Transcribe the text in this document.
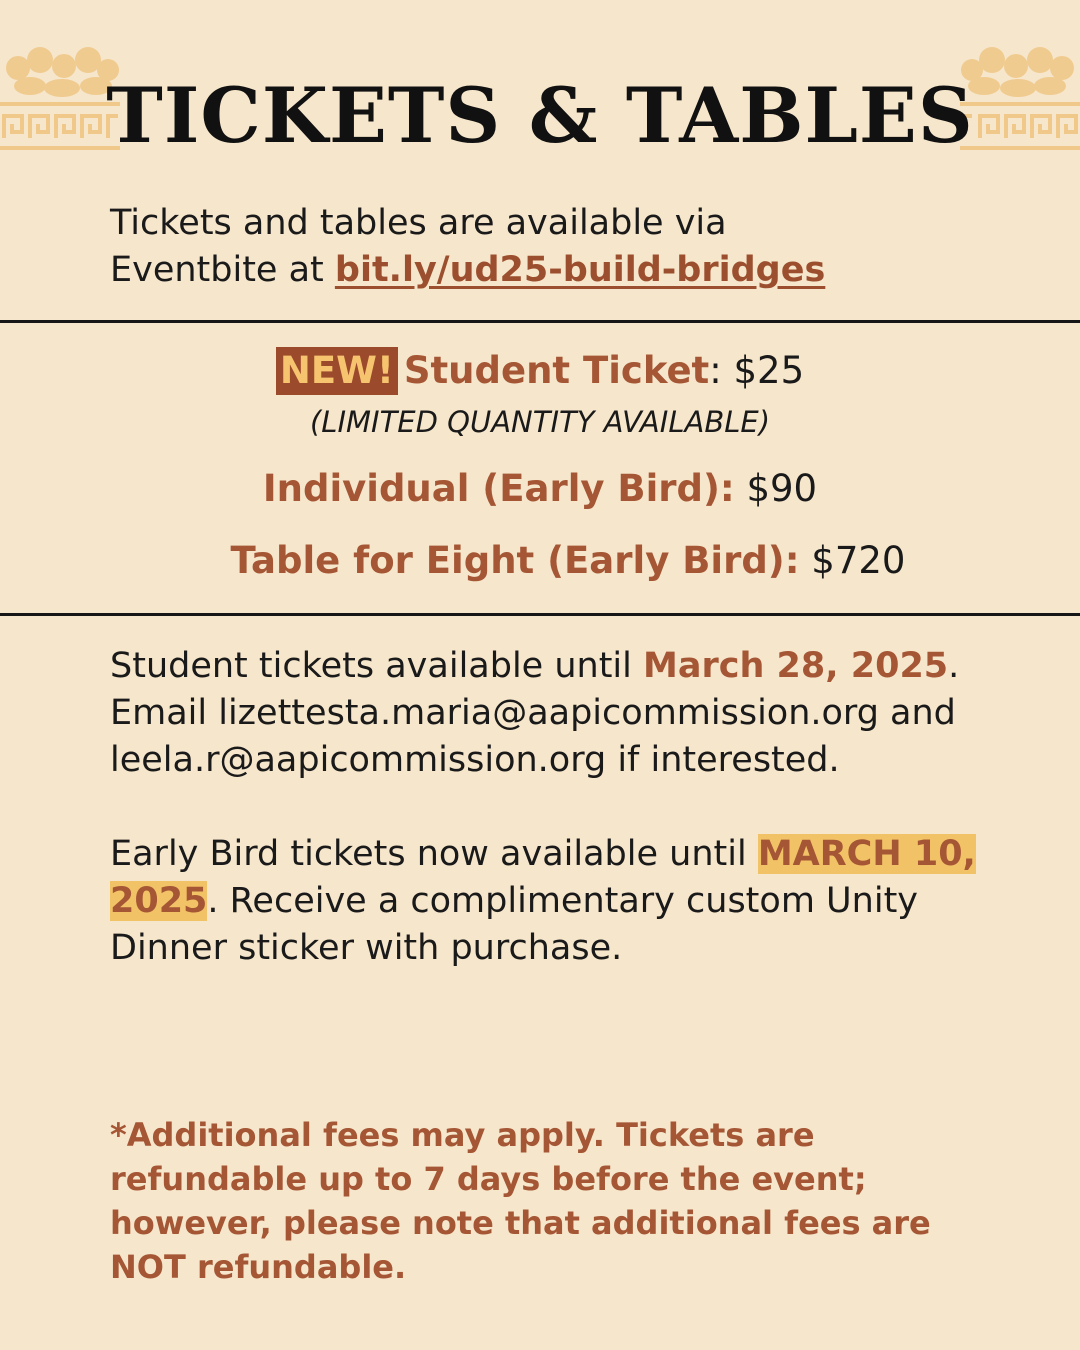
TICKETS & TABLES
Tickets and tables are available via
Eventbite at bit.ly/ud25-build-bridges
NEW! Student Ticket: $25
(LIMITED QUANTITY AVAILABLE)
Individual (Early Bird): $90
Table for Eight (Early Bird): $720

Student tickets available until March 28, 2025. Email lizettesta.maria@aapicommission.org and leela.r@aapicommission.org if interested.

Early Bird tickets now available until MARCH 10, 2025. Receive a complimentary custom Unity Dinner sticker with purchase.

*Additional fees may apply. Tickets are refundable up to 7 days before the event; however, please note that additional fees are NOT refundable.
